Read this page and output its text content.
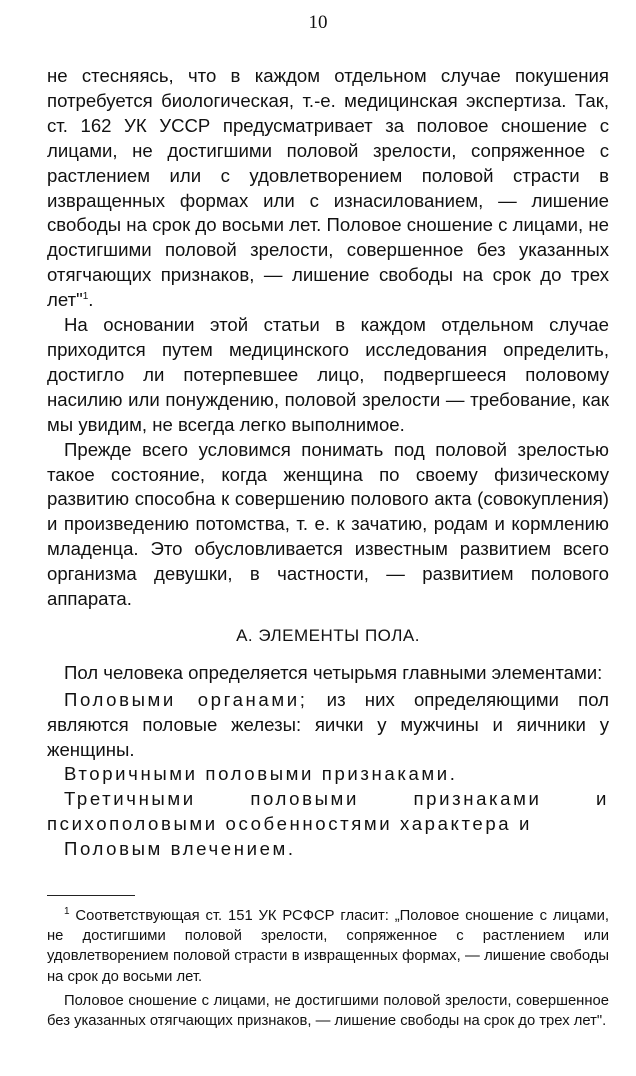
10

не стесняясь, что в каждом отдельном случае покушения потребуется биологическая, т.-е. медицинская экспертиза. Так, ст. 162 УК УССР предусматривает за половое сношение с лицами, не достигшими половой зрелости, сопряженное с растлением или с удовлетворением половой страсти в извращенных формах или с изнасилованием, — лишение свободы на срок до восьми лет. Половое сношение с лицами, не достигшими половой зрелости, совершенное без указанных отягчающих признаков, — лишение свободы на срок до трех лет"$^1$.

На основании этой статьи в каждом отдельном случае приходится путем медицинского исследования определить, достигло ли потерпевшее лицо, подвергшееся половому насилию или понуждению, половой зрелости — требование, как мы увидим, не всегда легко выполнимое.

Прежде всего условимся понимать под половой зрелостью такое состояние, когда женщина по своему физическому развитию способна к совершению полового акта (совокупления) и произведению потомства, т. е. к зачатию, родам и кормлению младенца. Это обусловливается известным развитием всего организма девушки, в частности, — развитием полового аппарата.

А. ЭЛЕМЕНТЫ ПОЛА.

Пол человека определяется четырьмя главными элементами:

Половыми органами; из них определяющими пол являются половые железы: яички у мужчины и яичники у женщины.

Вторичными половыми признаками.

Третичными половыми признаками и психополовыми особенностями характера и

Половым влечением.

$^1$ Соответствующая ст. 151 УК РСФСР гласит: „Половое сношение с лицами, не достигшими половой зрелости, сопряженное с растлением или удовлетворением половой страсти в извращенных формах, — лишение свободы на срок до восьми лет.

Половое сношение с лицами, не достигшими половой зрелости, совершенное без указанных отягчающих признаков, — лишение свободы на срок до трех лет".
